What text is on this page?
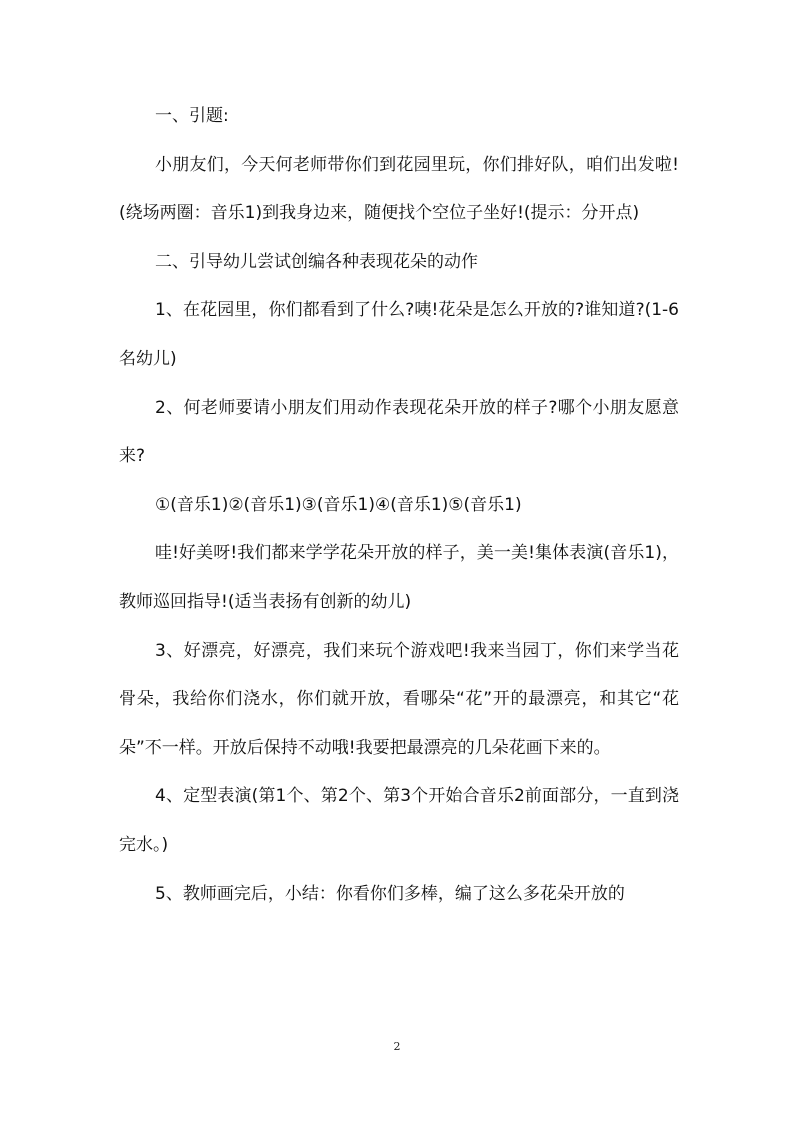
一、引题:

小朋友们，今天何老师带你们到花园里玩，你们排好队，咱们出发啦!(绕场两圈：音乐1)到我身边来，随便找个空位子坐好!(提示：分开点)

二、引导幼儿尝试创编各种表现花朵的动作

1、在花园里，你们都看到了什么?咦!花朵是怎么开放的?谁知道?(1-6名幼儿)

2、何老师要请小朋友们用动作表现花朵开放的样子?哪个小朋友愿意来?

①(音乐1)②(音乐1)③(音乐1)④(音乐1)⑤(音乐1)

哇!好美呀!我们都来学学花朵开放的样子，美一美!集体表演(音乐1)，教师巡回指导!(适当表扬有创新的幼儿)

3、好漂亮，好漂亮，我们来玩个游戏吧!我来当园丁，你们来学当花骨朵，我给你们浇水，你们就开放，看哪朵“花”开的最漂亮，和其它“花朵”不一样。开放后保持不动哦!我要把最漂亮的几朵花画下来的。

4、定型表演(第1个、第2个、第3个开始合音乐2前面部分，一直到浇完水。)

5、教师画完后，小结：你看你们多棒，编了这么多花朵开放的

2
